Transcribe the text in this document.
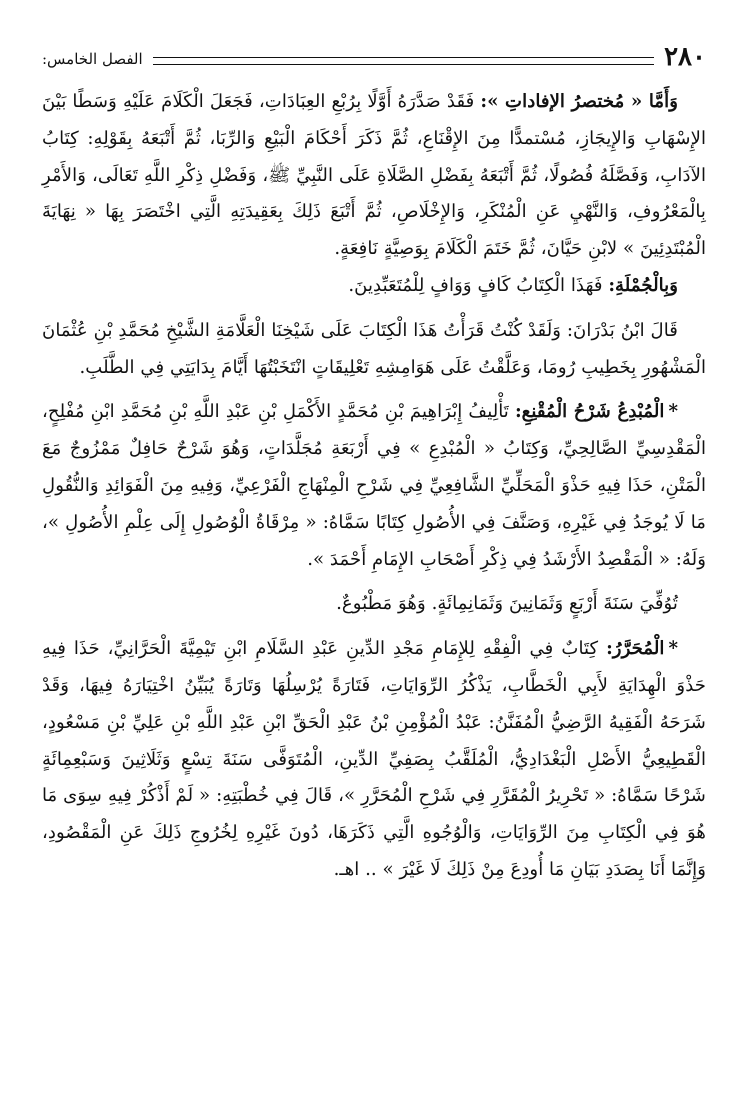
٢٨٠
الفصل الخامس:

وَأَمَّا « مُختصرُ الإفاداتِ »: فَقَدْ صَدَّرَهُ أَوَّلًا بِرُبْعِ العِبَادَاتِ، فَجَعَلَ الْكَلَامَ عَلَيْهِ وَسَطًا بَيْنَ الإِسْهَابِ وَالإِيجَازِ، مُسْتمدًّا مِنَ الإِقْنَاعِ، ثُمَّ ذَكَرَ أَحْكَامَ الْبَيْعِ وَالرِّبَا، ثُمَّ أَتْبَعَهُ بِقَوْلِهِ: كِتَابُ الآدَابِ، وَفَصَّلَهُ فُصُولًا، ثُمَّ أَتْبَعَهُ بِفَضْلِ الصَّلَاةِ عَلَى النَّبِيِّ ﷺ، وَفَضْلِ ذِكْرِ اللَّهِ تَعَالَى، وَالأَمْرِ بِالْمَعْرُوفِ، وَالنَّهْيِ عَنِ الْمُنْكَرِ، وَالإِخْلَاصِ، ثُمَّ أَتْبَعَ ذَلِكَ بِعَقِيدَتِهِ الَّتِي اخْتَصَرَ بِهَا « نِهَايَةَ الْمُبْتَدِئِينَ » لابْنِ حَيَّانَ، ثُمَّ خَتَمَ الْكَلَامَ بِوَصِيَّةٍ نَافِعَةٍ.

وَبِالْجُمْلَةِ: فَهَذَا الْكِتَابُ كَافٍ وَوَافٍ لِلْمُتَعَبِّدِينَ.

قَالَ ابْنُ بَدْرَانَ: وَلَقَدْ كُنْتُ قَرَأْتُ هَذَا الْكِتَابَ عَلَى شَيْخِنَا الْعَلَّامَةِ الشَّيْخِ مُحَمَّدِ بْنِ عُثْمَانَ الْمَشْهُورِ بِخَطِيبِ رُومَا، وَعَلَّقْتُ عَلَى هَوَامِشِهِ تَعْلِيقَاتٍ انْتَخَبْتُهَا أَيَّامَ بِدَايَتِي فِي الطَّلَبِ.

*الْمُبْدِعُ شَرْحُ الْمُقْنِعِ: تَأْلِيفُ إِبْرَاهِيمَ بْنِ مُحَمَّدٍ الأَكْمَلِ بْنِ عَبْدِ اللَّهِ بْنِ مُحَمَّدِ ابْنِ مُفْلِحٍ، الْمَقْدِسِيِّ الصَّالِحِيِّ، وَكِتَابُ « الْمُبْدِعِ » فِي أَرْبَعَةِ مُجَلَّدَاتٍ، وَهُوَ شَرْحٌ حَافِلٌ مَمْزُوجٌ مَعَ الْمَتْنِ، حَذَا فِيهِ حَذْوَ الْمَحَلِّيِّ الشَّافِعِيِّ فِي شَرْحِ الْمِنْهَاجِ الْفَرْعِيِّ، وَفِيهِ مِنَ الْفَوَائِدِ وَالنُّقُولِ مَا لَا يُوجَدُ فِي غَيْرِهِ، وَصَنَّفَ فِي الأُصُولِ كِتَابًا سَمَّاهُ: « مِرْقَاةُ الْوُصُولِ إِلَى عِلْمِ الأُصُولِ »، وَلَهُ: « الْمَقْصِدُ الأَرْشَدُ فِي ذِكْرِ أَصْحَابِ الإِمَامِ أَحْمَدَ ».

تُوُفِّيَ سَنَةَ أَرْبَعٍ وَثَمَانِينَ وَثَمَانِمِائَةٍ. وَهُوَ مَطْبُوعٌ.

*الْمُحَرَّرُ: كِتَابٌ فِي الْفِقْهِ لِلإِمَامِ مَجْدِ الدِّينِ عَبْدِ السَّلَامِ ابْنِ تَيْمِيَّةَ الْحَرَّانِيِّ، حَذَا فِيهِ حَذْوَ الْهِدَايَةِ لأَبِي الْخَطَّابِ، يَذْكُرُ الرِّوَايَاتِ، فَتَارَةً يُرْسِلُهَا وَتَارَةً يُبَيِّنُ اخْتِيَارَهُ فِيهَا، وَقَدْ شَرَحَهُ الْفَقِيهُ الرَّضِيُّ الْمُفَنَّنُ: عَبْدُ الْمُؤْمِنِ بْنُ عَبْدِ الْحَقِّ ابْنِ عَبْدِ اللَّهِ بْنِ عَلِيِّ بْنِ مَسْعُودٍ، الْقَطِيعِيُّ الأَصْلِ الْبَغْدَادِيُّ، الْمُلَقَّبُ بِصَفِيِّ الدِّينِ، الْمُتَوَفَّى سَنَةَ تِسْعٍ وَثَلَاثِينَ وَسَبْعِمِائَةٍ شَرْحًا سَمَّاهُ: « تَحْرِيرُ الْمُقَرَّرِ فِي شَرْحِ الْمُحَرَّرِ »، قَالَ فِي خُطْبَتِهِ: « لَمْ أَذْكُرْ فِيهِ سِوَى مَا هُوَ فِي الْكِتَابِ مِنَ الرِّوَايَاتِ، وَالْوُجُوهِ الَّتِي ذَكَرَهَا، دُونَ غَيْرِهِ لِخُرُوجِ ذَلِكَ عَنِ الْمَقْصُودِ، وَإِنَّمَا أَنَا بِصَدَدِ بَيَانِ مَا أُودِعَ مِنْ ذَلِكَ لَا غَيْرَ » .. اهـ.
